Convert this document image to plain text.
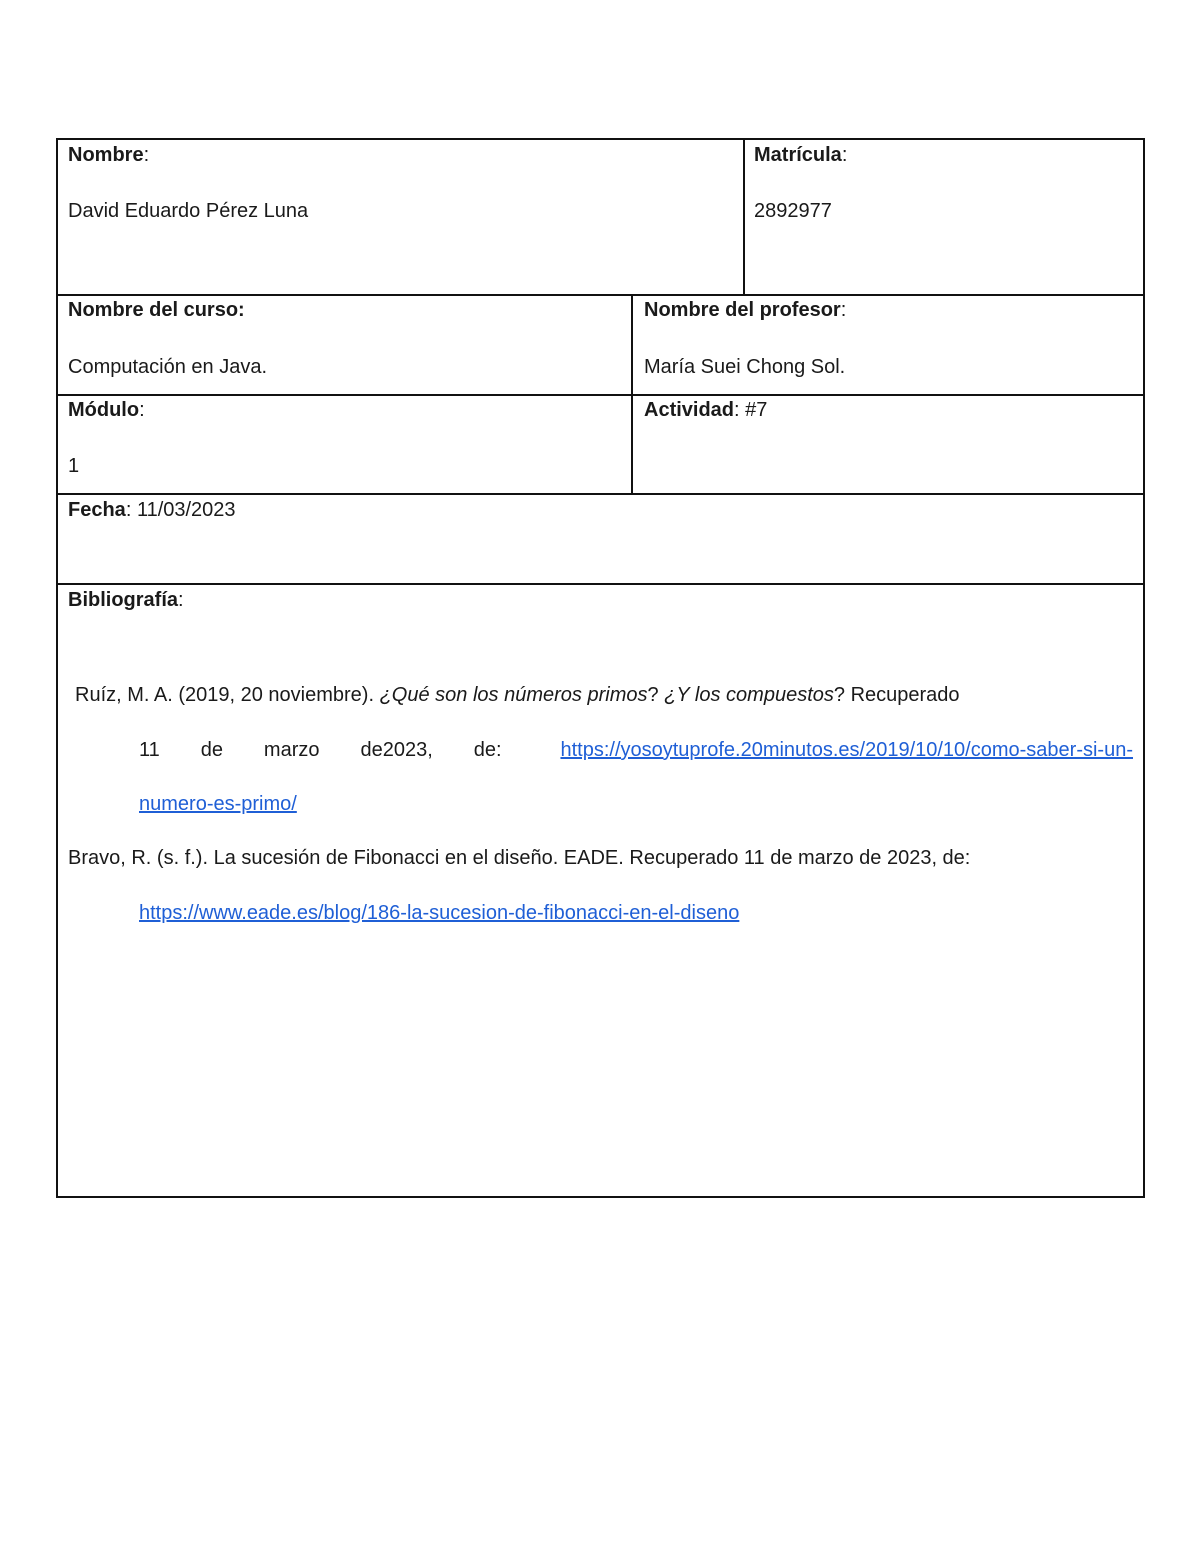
Nombre:
David Eduardo Pérez Luna
Matrícula:
2892977
Nombre del curso:
Computación en Java.
Nombre del profesor:
María Suei Chong Sol.
Módulo:
1
Actividad: #7
Fecha: 11/03/2023
Bibliografía:
Ruíz, M. A. (2019, 20 noviembre). ¿Qué son los números primos? ¿Y los compuestos? Recuperado
11 de marzo de2023, de:	https://yosoytuprofe.20minutos.es/2019/10/10/como-saber-si-un-
numero-es-primo/
Bravo, R. (s. f.). La sucesión de Fibonacci en el diseño. EADE. Recuperado 11 de marzo de 2023, de:
https://www.eade.es/blog/186-la-sucesion-de-fibonacci-en-el-diseno
